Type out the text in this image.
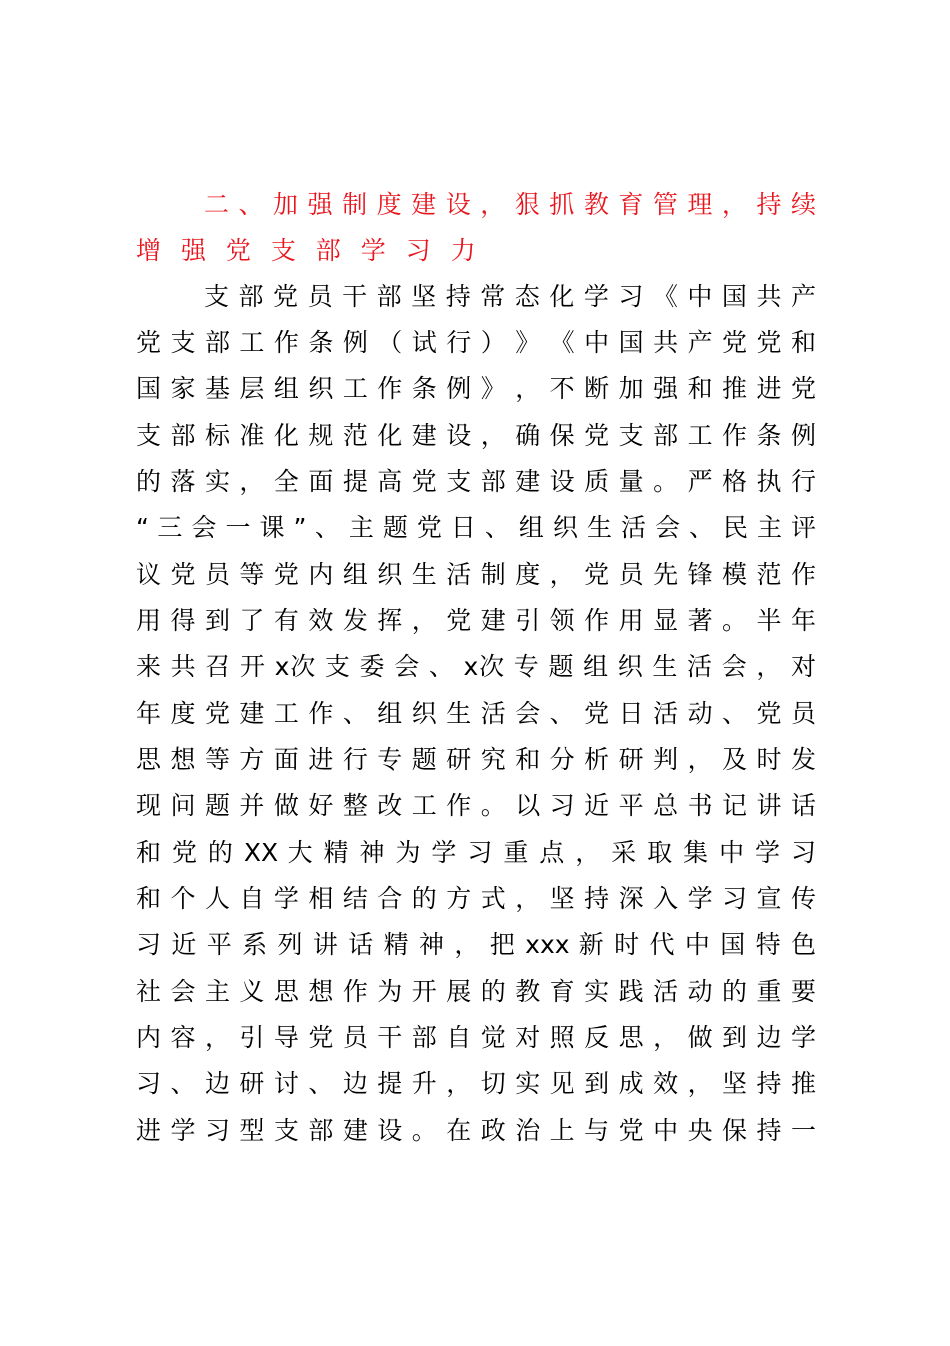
二 、 加 强 制 度 建 设 ， 狠 抓 教 育 管 理 ， 持 续
增 强 党 支 部 学 习 力
支 部 党 员 干 部 坚 持 常 态 化 学 习 《 中 国 共 产
党 支 部 工 作 条 例 （ 试 行 ） 》 《 中 国 共 产 党 党 和
国 家 基 层 组 织 工 作 条 例 》 ， 不 断 加 强 和 推 进 党
支 部 标 准 化 规 范 化 建 设 ， 确 保 党 支 部 工 作 条 例
的 落 实 ， 全 面 提 高 党 支 部 建 设 质 量 。 严 格 执 行
“ 三 会 一 课 ” 、 主 题 党 日 、 组 织 生 活 会 、 民 主 评
议 党 员 等 党 内 组 织 生 活 制 度 ， 党 员 先 锋 模 范 作
用 得 到 了 有 效 发 挥 ， 党 建 引 领 作 用 显 著 。 半 年
来 共 召 开 x次 支 委 会 、 x次 专 题 组 织 生 活 会 ， 对
年 度 党 建 工 作 、 组 织 生 活 会 、 党 日 活 动 、 党 员
思 想 等 方 面 进 行 专 题 研 究 和 分 析 研 判 ， 及 时 发
现 问 题 并 做 好 整 改 工 作 。 以 习 近 平 总 书 记 讲 话
和 党 的 XX 大 精 神 为 学 习 重 点 ， 采 取 集 中 学 习
和 个 人 自 学 相 结 合 的 方 式 ， 坚 持 深 入 学 习 宣 传
习 近 平 系 列 讲 话 精 神 ， 把 xxx 新 时 代 中 国 特 色
社 会 主 义 思 想 作 为 开 展 的 教 育 实 践 活 动 的 重 要
内 容 ， 引 导 党 员 干 部 自 觉 对 照 反 思 ， 做 到 边 学
习 、 边 研 讨 、 边 提 升 ， 切 实 见 到 成 效 ， 坚 持 推
进 学 习 型 支 部 建 设 。 在 政 治 上 与 党 中 央 保 持 一
